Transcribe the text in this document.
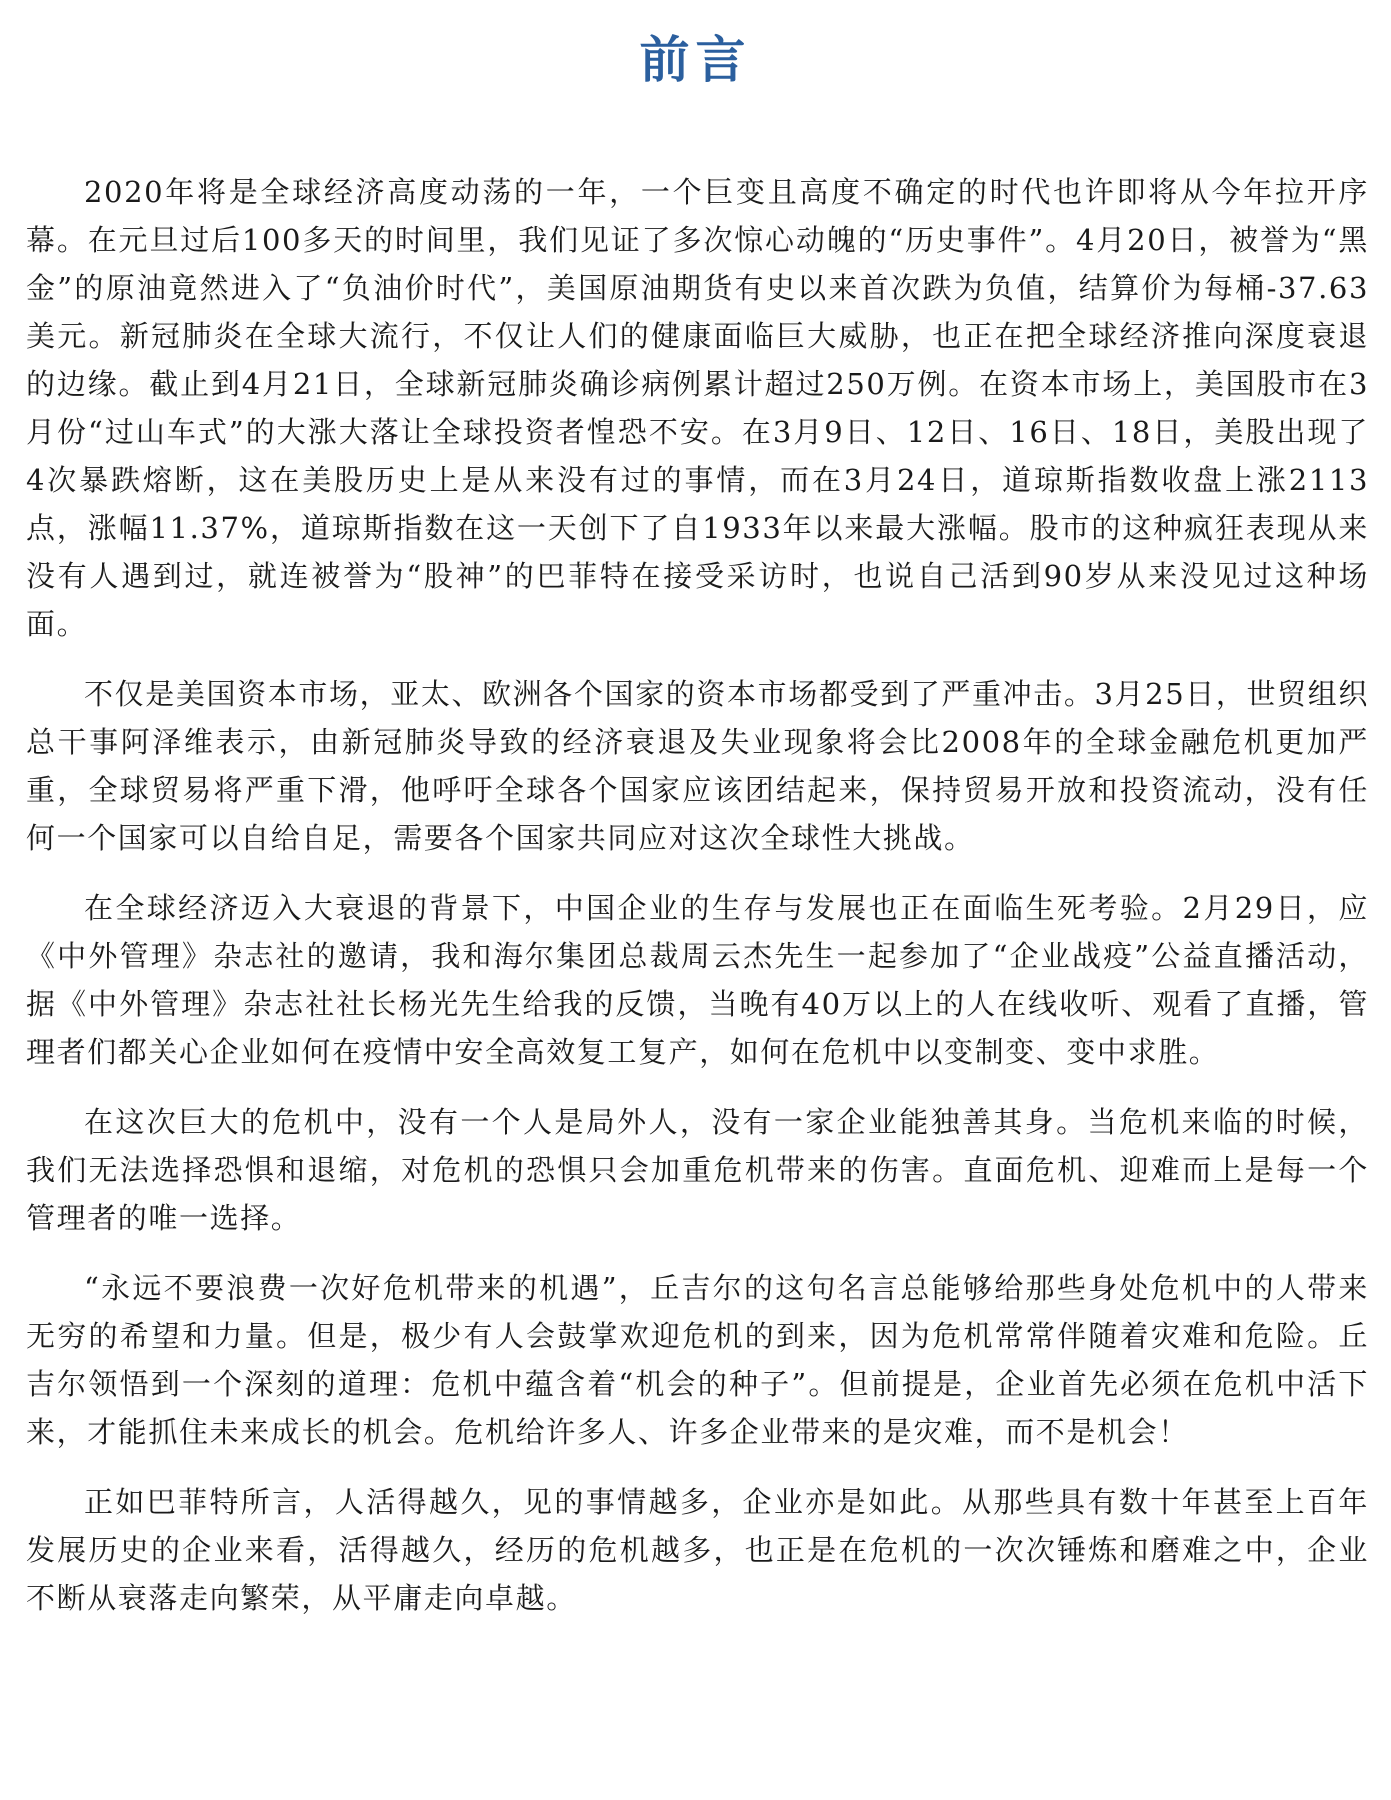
前言

2020年将是全球经济高度动荡的一年，一个巨变且高度不确定的时代也许即将从今年拉开序幕。在元旦过后100多天的时间里，我们见证了多次惊心动魄的“历史事件”。4月20日，被誉为“黑金”的原油竟然进入了“负油价时代”，美国原油期货有史以来首次跌为负值，结算价为每桶-37.63美元。新冠肺炎在全球大流行，不仅让人们的健康面临巨大威胁，也正在把全球经济推向深度衰退的边缘。截止到4月21日，全球新冠肺炎确诊病例累计超过250万例。在资本市场上，美国股市在3月份“过山车式”的大涨大落让全球投资者惶恐不安。在3月9日、12日、16日、18日，美股出现了4次暴跌熔断，这在美股历史上是从来没有过的事情，而在3月24日，道琼斯指数收盘上涨2113点，涨幅11.37%，道琼斯指数在这一天创下了自1933年以来最大涨幅。股市的这种疯狂表现从来没有人遇到过，就连被誉为“股神”的巴菲特在接受采访时，也说自己活到90岁从来没见过这种场面。

不仅是美国资本市场，亚太、欧洲各个国家的资本市场都受到了严重冲击。3月25日，世贸组织总干事阿泽维表示，由新冠肺炎导致的经济衰退及失业现象将会比2008年的全球金融危机更加严重，全球贸易将严重下滑，他呼吁全球各个国家应该团结起来，保持贸易开放和投资流动，没有任何一个国家可以自给自足，需要各个国家共同应对这次全球性大挑战。

在全球经济迈入大衰退的背景下，中国企业的生存与发展也正在面临生死考验。2月29日，应《中外管理》杂志社的邀请，我和海尔集团总裁周云杰先生一起参加了“企业战疫”公益直播活动，据《中外管理》杂志社社长杨光先生给我的反馈，当晚有40万以上的人在线收听、观看了直播，管理者们都关心企业如何在疫情中安全高效复工复产，如何在危机中以变制变、变中求胜。

在这次巨大的危机中，没有一个人是局外人，没有一家企业能独善其身。当危机来临的时候，我们无法选择恐惧和退缩，对危机的恐惧只会加重危机带来的伤害。直面危机、迎难而上是每一个管理者的唯一选择。

“永远不要浪费一次好危机带来的机遇”，丘吉尔的这句名言总能够给那些身处危机中的人带来无穷的希望和力量。但是，极少有人会鼓掌欢迎危机的到来，因为危机常常伴随着灾难和危险。丘吉尔领悟到一个深刻的道理：危机中蕴含着“机会的种子”。但前提是，企业首先必须在危机中活下来，才能抓住未来成长的机会。危机给许多人、许多企业带来的是灾难，而不是机会！

正如巴菲特所言，人活得越久，见的事情越多，企业亦是如此。从那些具有数十年甚至上百年发展历史的企业来看，活得越久，经历的危机越多，也正是在危机的一次次锤炼和磨难之中，企业不断从衰落走向繁荣，从平庸走向卓越。
